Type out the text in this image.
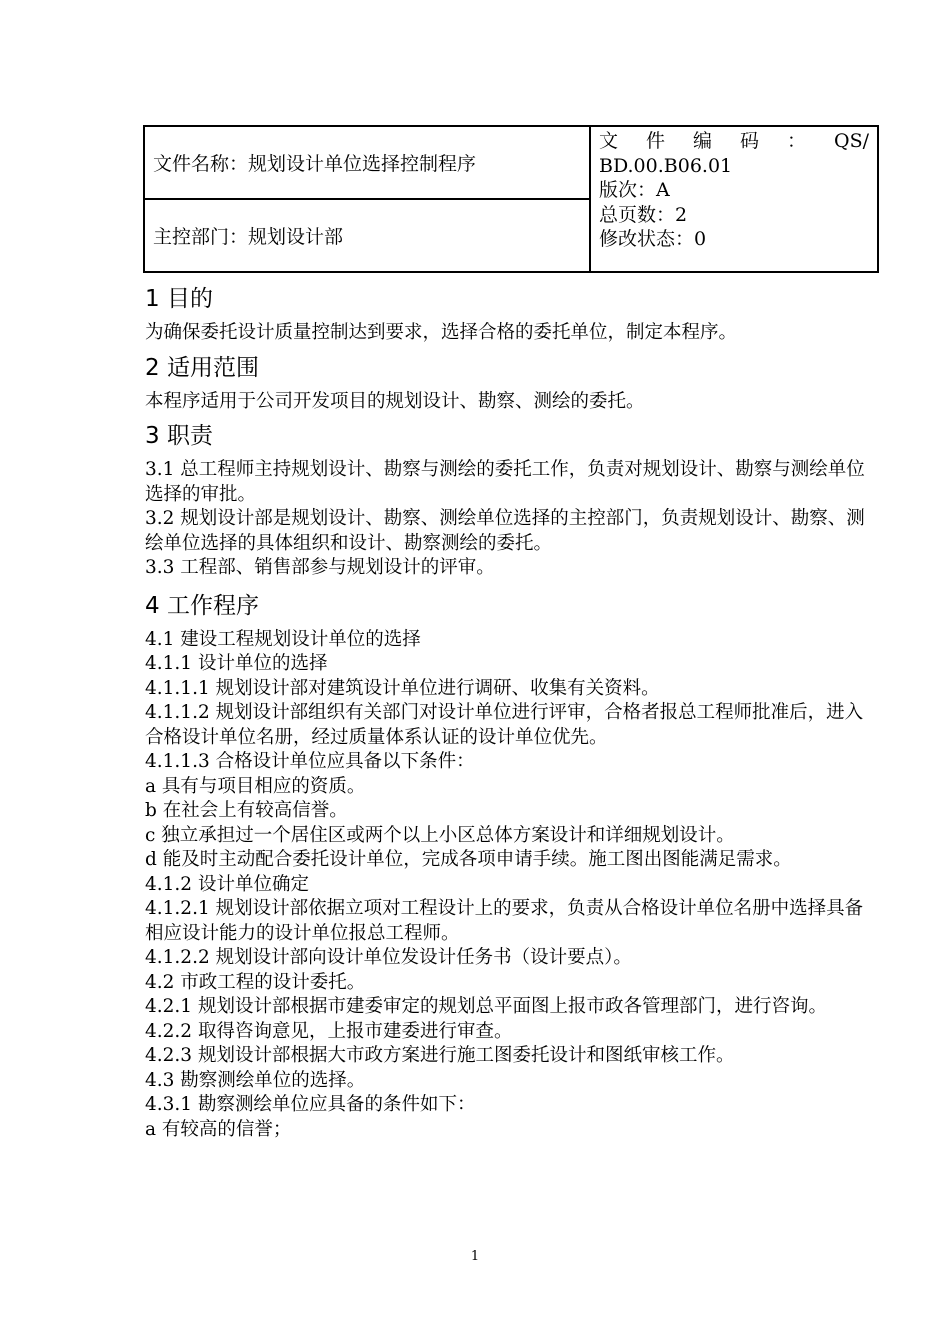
文件名称：规划设计单位选择控制程序	
文 件 编 码 ： QS/
BD.00.B06.01
版次：A
总页数：2
修改状态：0

主控部门：规划设计部
1 目的

为确保委托设计质量控制达到要求，选择合格的委托单位，制定本程序。

2 适用范围

本程序适用于公司开发项目的规划设计、勘察、测绘的委托。

3 职责

3.1 总工程师主持规划设计、勘察与测绘的委托工作，负责对规划设计、勘察与测绘单位选择的审批。

3.2 规划设计部是规划设计、勘察、测绘单位选择的主控部门，负责规划设计、勘察、测绘单位选择的具体组织和设计、勘察测绘的委托。

3.3 工程部、销售部参与规划设计的评审。

4 工作程序

4.1 建设工程规划设计单位的选择

4.1.1 设计单位的选择

4.1.1.1 规划设计部对建筑设计单位进行调研、收集有关资料。

4.1.1.2 规划设计部组织有关部门对设计单位进行评审，合格者报总工程师批准后，进入合格设计单位名册，经过质量体系认证的设计单位优先。

4.1.1.3 合格设计单位应具备以下条件：

a 具有与项目相应的资质。

b 在社会上有较高信誉。

c 独立承担过一个居住区或两个以上小区总体方案设计和详细规划设计。

d 能及时主动配合委托设计单位，完成各项申请手续。施工图出图能满足需求。

4.1.2 设计单位确定

4.1.2.1 规划设计部依据立项对工程设计上的要求，负责从合格设计单位名册中选择具备相应设计能力的设计单位报总工程师。

4.1.2.2 规划设计部向设计单位发设计任务书（设计要点）。

4.2 市政工程的设计委托。

4.2.1 规划设计部根据市建委审定的规划总平面图上报市政各管理部门，进行咨询。

4.2.2 取得咨询意见，上报市建委进行审查。

4.2.3 规划设计部根据大市政方案进行施工图委托设计和图纸审核工作。

4.3 勘察测绘单位的选择。

4.3.1 勘察测绘单位应具备的条件如下：

a 有较高的信誉；

1
